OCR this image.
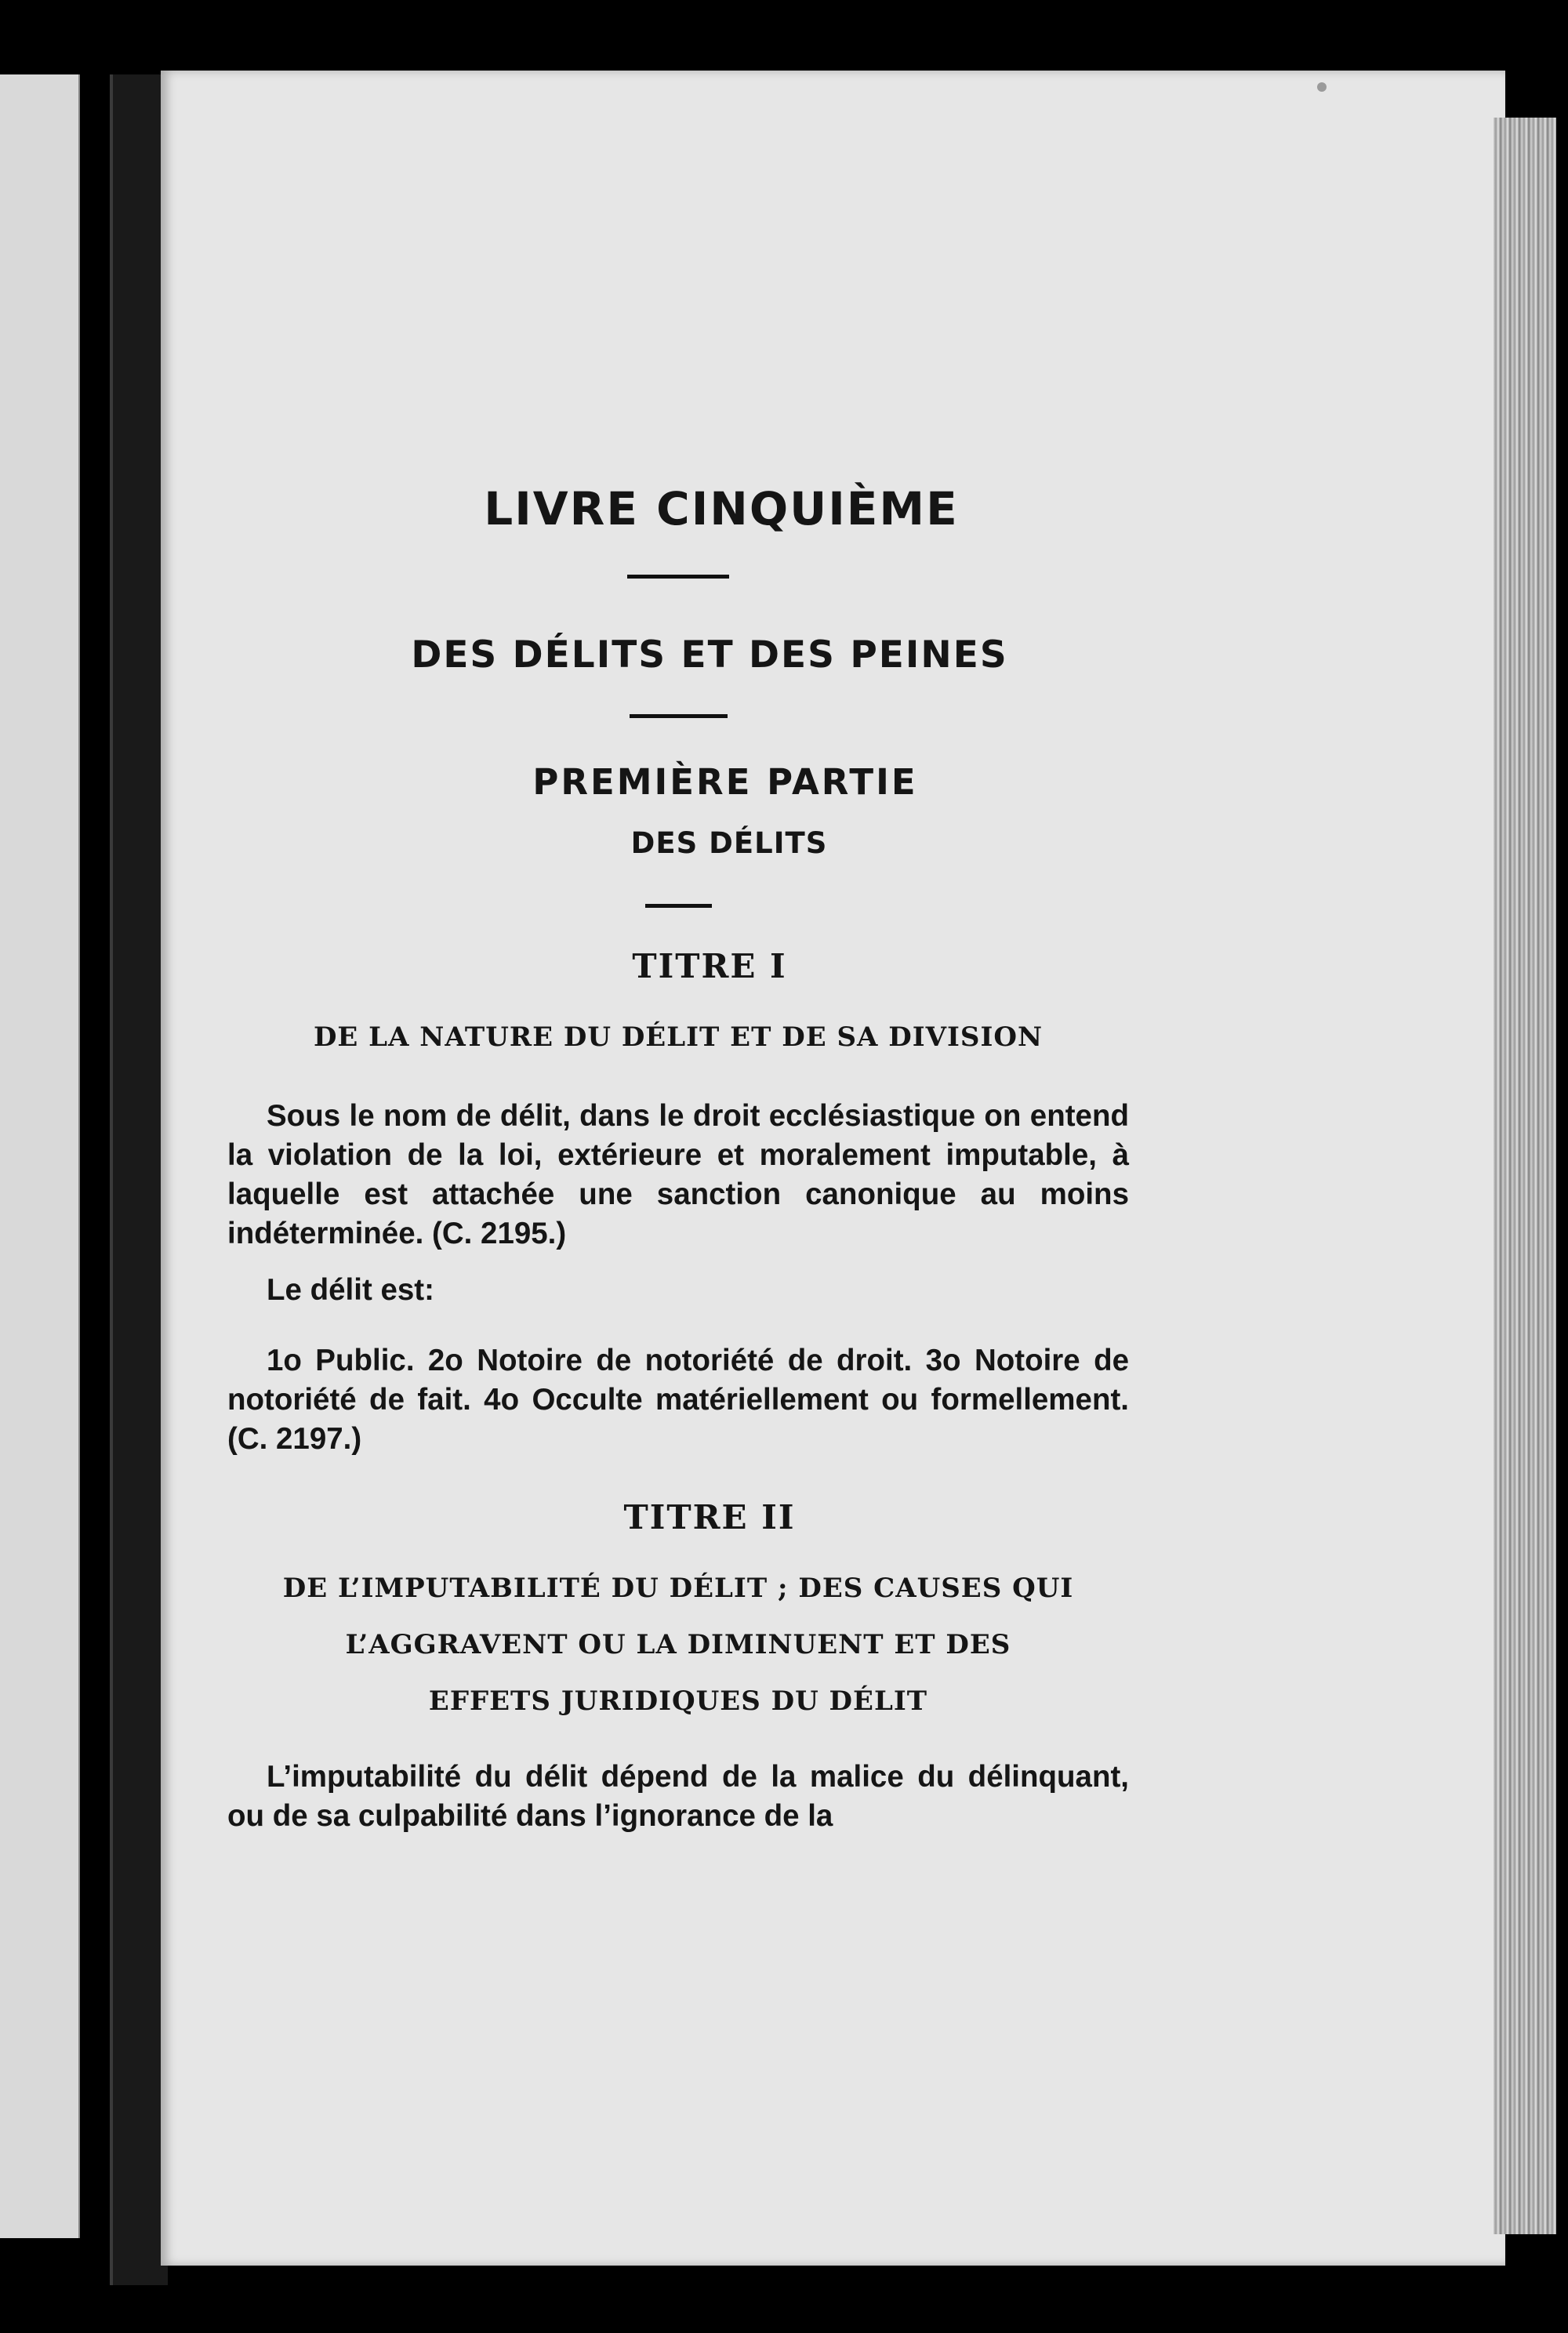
LIVRE CINQUIÈME
DES DÉLITS ET DES PEINES
PREMIÈRE PARTIE
DES DÉLITS
TITRE I
DE LA NATURE DU DÉLIT ET DE SA DIVISION

Sous le nom de délit, dans le droit ecclésiastique on entend la violation de la loi, extérieure et moralement imputable, à laquelle est attachée une sanction canonique au moins indéterminée. (C. 2195.)

Le délit est:

1o Public. 2o Notoire de notoriété de droit. 3o Notoire de notoriété de fait. 4o Occulte matériellement ou formellement. (C. 2197.)

TITRE II
DE L’IMPUTABILITÉ DU DÉLIT ; DES CAUSES QUI
L’AGGRAVENT OU LA DIMINUENT ET DES
EFFETS JURIDIQUES DU DÉLIT

L’imputabilité du délit dépend de la malice du délinquant, ou de sa culpabilité dans l’ignorance de la
